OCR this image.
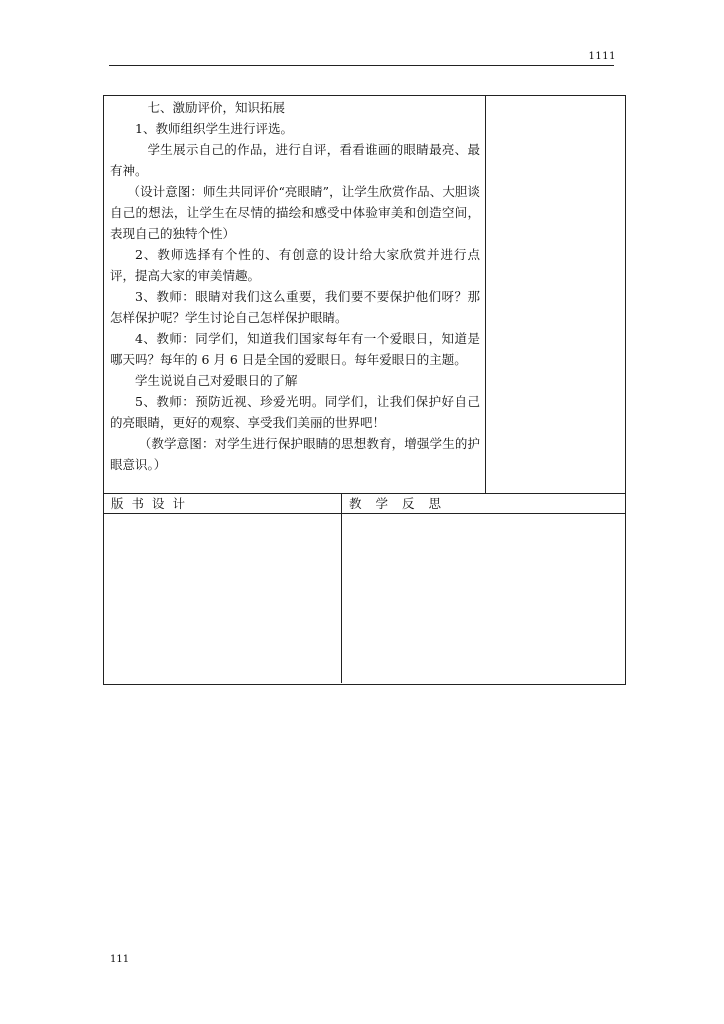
1111

七、激励评价，知识拓展

1、教师组织学生进行评选。

学生展示自己的作品，进行自评，看看谁画的眼睛最亮、最有神。

（设计意图：师生共同评价“亮眼睛”，让学生欣赏作品、大胆谈自己的想法，让学生在尽情的描绘和感受中体验审美和创造空间，表现自己的独特个性）

2、教师选择有个性的、有创意的设计给大家欣赏并进行点评，提高大家的审美情趣。

3、教师：眼睛对我们这么重要，我们要不要保护他们呀？那怎样保护呢？学生讨论自己怎样保护眼睛。

4、教师：同学们，知道我们国家每年有一个爱眼日，知道是哪天吗？每年的 6 月 6 日是全国的爱眼日。每年爱眼日的主题。

学生说说自己对爱眼日的了解

5、教师：预防近视、珍爱光明。同学们，让我们保护好自己的亮眼睛，更好的观察、享受我们美丽的世界吧！

（教学意图：对学生进行保护眼睛的思想教育，增强学生的护眼意识。）

版书设计	教学反思
111
